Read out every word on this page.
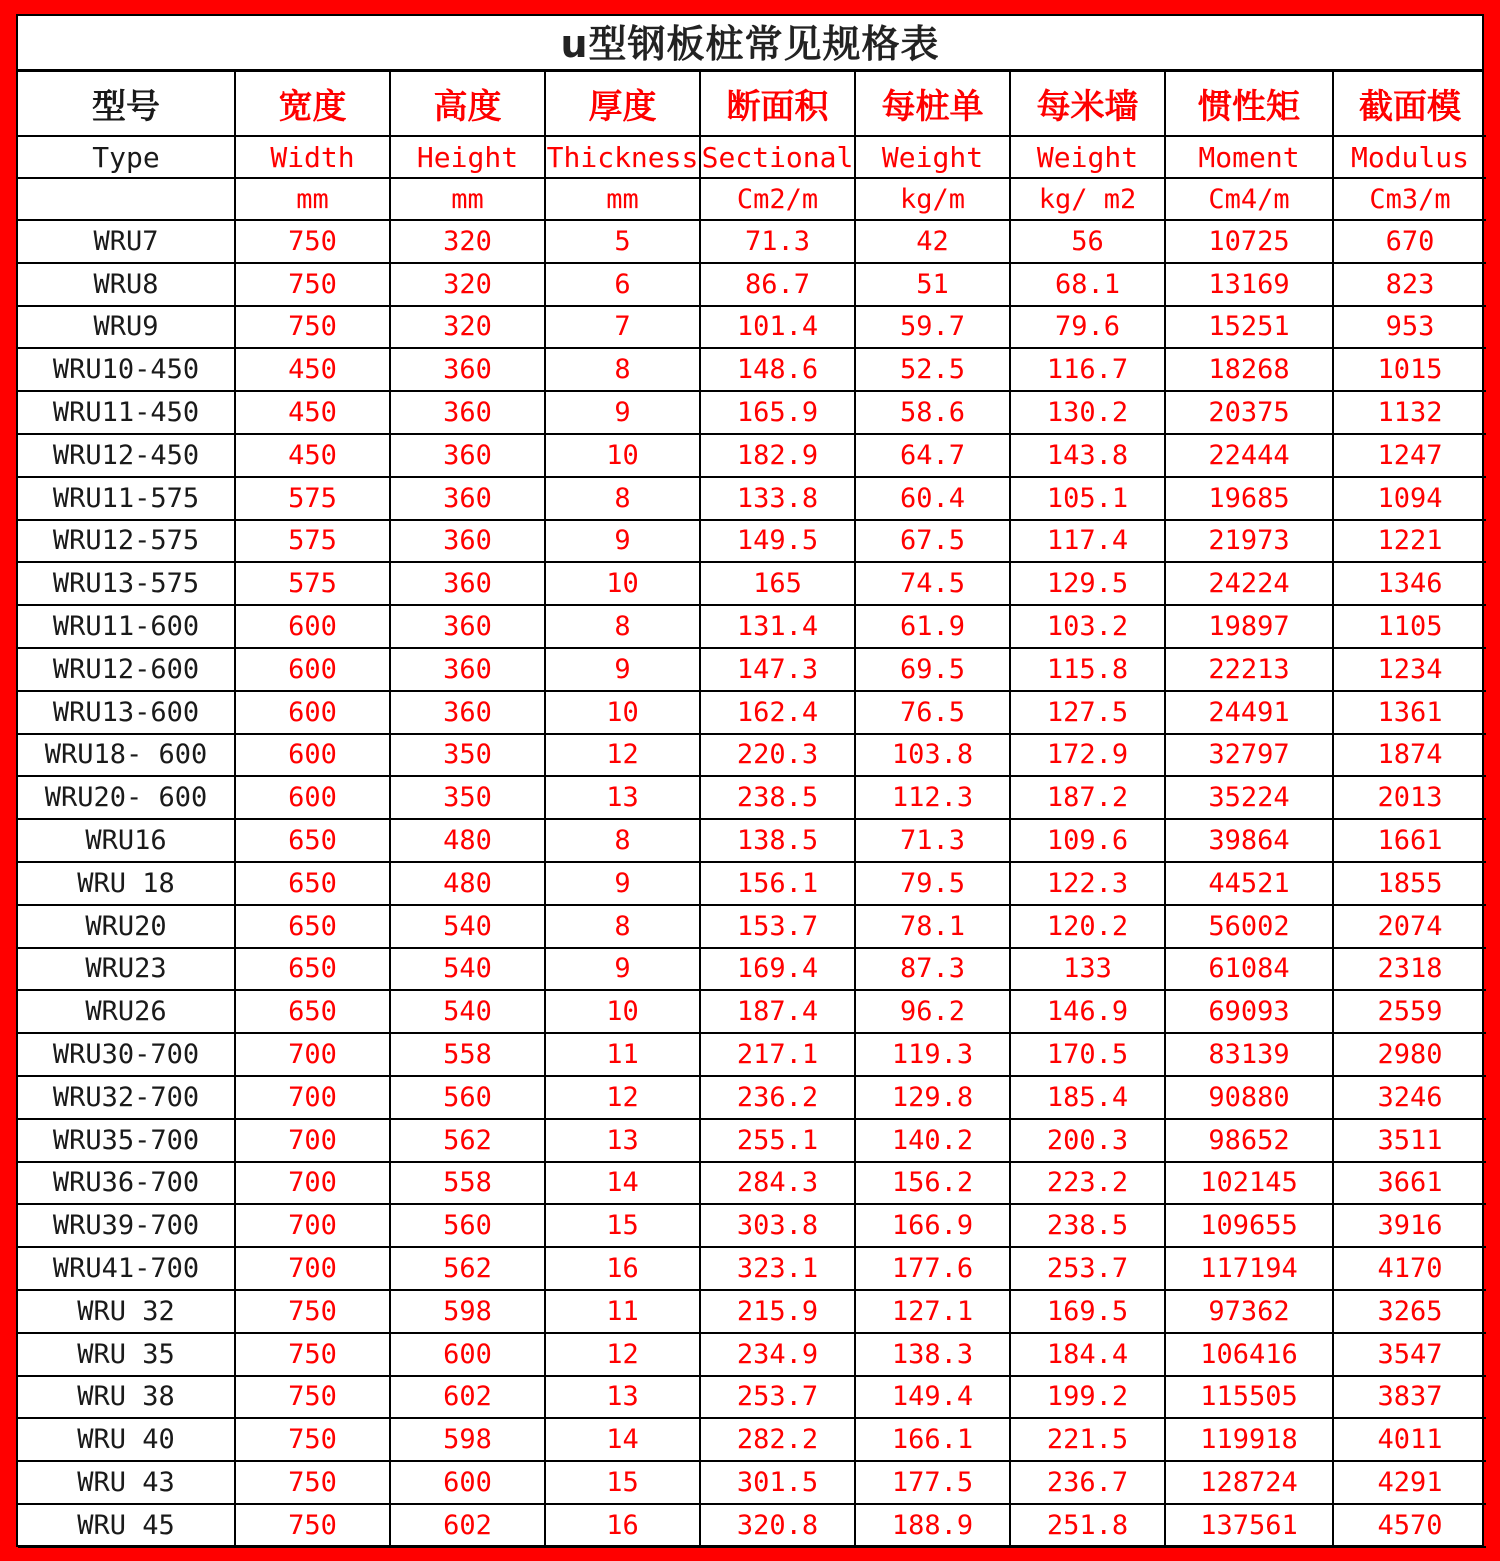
u型钢板桩常见规格表
型号	宽度	高度	厚度	断面积	每桩单	每米墙	惯性矩	截面模
Type	Width	Height	Thickness	Sectional	Weight	Weight	Moment	Modulus
	mm	mm	mm	Cm2/m	kg/m	kg/ m2	Cm4/m	Cm3/m
WRU7	750	320	5	71.3	42	56	10725	670
WRU8	750	320	6	86.7	51	68.1	13169	823
WRU9	750	320	7	101.4	59.7	79.6	15251	953
WRU10-450	450	360	8	148.6	52.5	116.7	18268	1015
WRU11-450	450	360	9	165.9	58.6	130.2	20375	1132
WRU12-450	450	360	10	182.9	64.7	143.8	22444	1247
WRU11-575	575	360	8	133.8	60.4	105.1	19685	1094
WRU12-575	575	360	9	149.5	67.5	117.4	21973	1221
WRU13-575	575	360	10	165	74.5	129.5	24224	1346
WRU11-600	600	360	8	131.4	61.9	103.2	19897	1105
WRU12-600	600	360	9	147.3	69.5	115.8	22213	1234
WRU13-600	600	360	10	162.4	76.5	127.5	24491	1361
WRU18- 600	600	350	12	220.3	103.8	172.9	32797	1874
WRU20- 600	600	350	13	238.5	112.3	187.2	35224	2013
WRU16	650	480	8	138.5	71.3	109.6	39864	1661
WRU 18	650	480	9	156.1	79.5	122.3	44521	1855
WRU20	650	540	8	153.7	78.1	120.2	56002	2074
WRU23	650	540	9	169.4	87.3	133	61084	2318
WRU26	650	540	10	187.4	96.2	146.9	69093	2559
WRU30-700	700	558	11	217.1	119.3	170.5	83139	2980
WRU32-700	700	560	12	236.2	129.8	185.4	90880	3246
WRU35-700	700	562	13	255.1	140.2	200.3	98652	3511
WRU36-700	700	558	14	284.3	156.2	223.2	102145	3661
WRU39-700	700	560	15	303.8	166.9	238.5	109655	3916
WRU41-700	700	562	16	323.1	177.6	253.7	117194	4170
WRU 32	750	598	11	215.9	127.1	169.5	97362	3265
WRU 35	750	600	12	234.9	138.3	184.4	106416	3547
WRU 38	750	602	13	253.7	149.4	199.2	115505	3837
WRU 40	750	598	14	282.2	166.1	221.5	119918	4011
WRU 43	750	600	15	301.5	177.5	236.7	128724	4291
WRU 45	750	602	16	320.8	188.9	251.8	137561	4570
